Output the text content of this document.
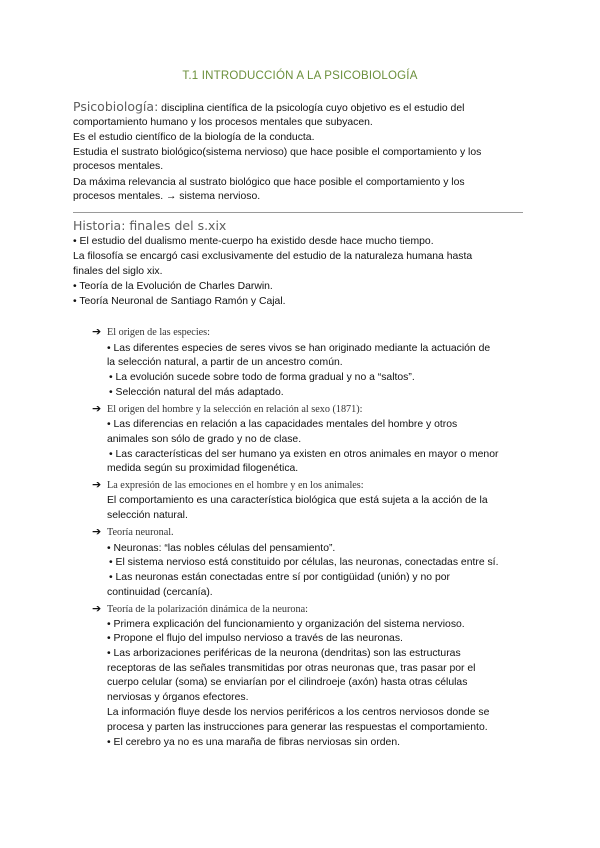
T.1 INTRODUCCIÓN A LA PSICOBIOLOGÍA
Psicobiología: disciplina científica de la psicología cuyo objetivo es el estudio del
comportamiento humano y los procesos mentales que subyacen.
Es el estudio científico de la biología de la conducta.
Estudia el sustrato biológico(sistema nervioso) que hace posible el comportamiento y los
procesos mentales.
Da máxima relevancia al sustrato biológico que hace posible el comportamiento y los
procesos mentales. → sistema nervioso.
Historia: finales del s.xix
• El estudio del dualismo mente-cuerpo ha existido desde hace mucho tiempo.
La filosofía se encargó casi exclusivamente del estudio de la naturaleza humana hasta
finales del siglo xix.
• Teoría de la Evolución de Charles Darwin.
• Teoría Neuronal de Santiago Ramón y Cajal.
➔ El origen de las especies:
• Las diferentes especies de seres vivos se han originado mediante la actuación de
la selección natural, a partir de un ancestro común.
• La evolución sucede sobre todo de forma gradual y no a “saltos”.
• Selección natural del más adaptado.
➔ El origen del hombre y la selección en relación al sexo (1871):
• Las diferencias en relación a las capacidades mentales del hombre y otros
animales son sólo de grado y no de clase.
• Las características del ser humano ya existen en otros animales en mayor o menor
medida según su proximidad filogenética.
➔ La expresión de las emociones en el hombre y en los animales:
El comportamiento es una característica biológica que está sujeta a la acción de la
selección natural.
➔ Teoría neuronal.
• Neuronas: “las nobles células del pensamiento”.
• El sistema nervioso está constituido por células, las neuronas, conectadas entre sí.
• Las neuronas están conectadas entre sí por contigüidad (unión) y no por
continuidad (cercanía).
➔ Teoría de la polarización dinámica de la neurona:
• Primera explicación del funcionamiento y organización del sistema nervioso.
• Propone el flujo del impulso nervioso a través de las neuronas.
• Las arborizaciones periféricas de la neurona (dendritas) son las estructuras
receptoras de las señales transmitidas por otras neuronas que, tras pasar por el
cuerpo celular (soma) se enviarían por el cilindroeje (axón) hasta otras células
nerviosas y órganos efectores.
La información fluye desde los nervios periféricos a los centros nerviosos donde se
procesa y parten las instrucciones para generar las respuestas el comportamiento.
• El cerebro ya no es una maraña de fibras nerviosas sin orden.
